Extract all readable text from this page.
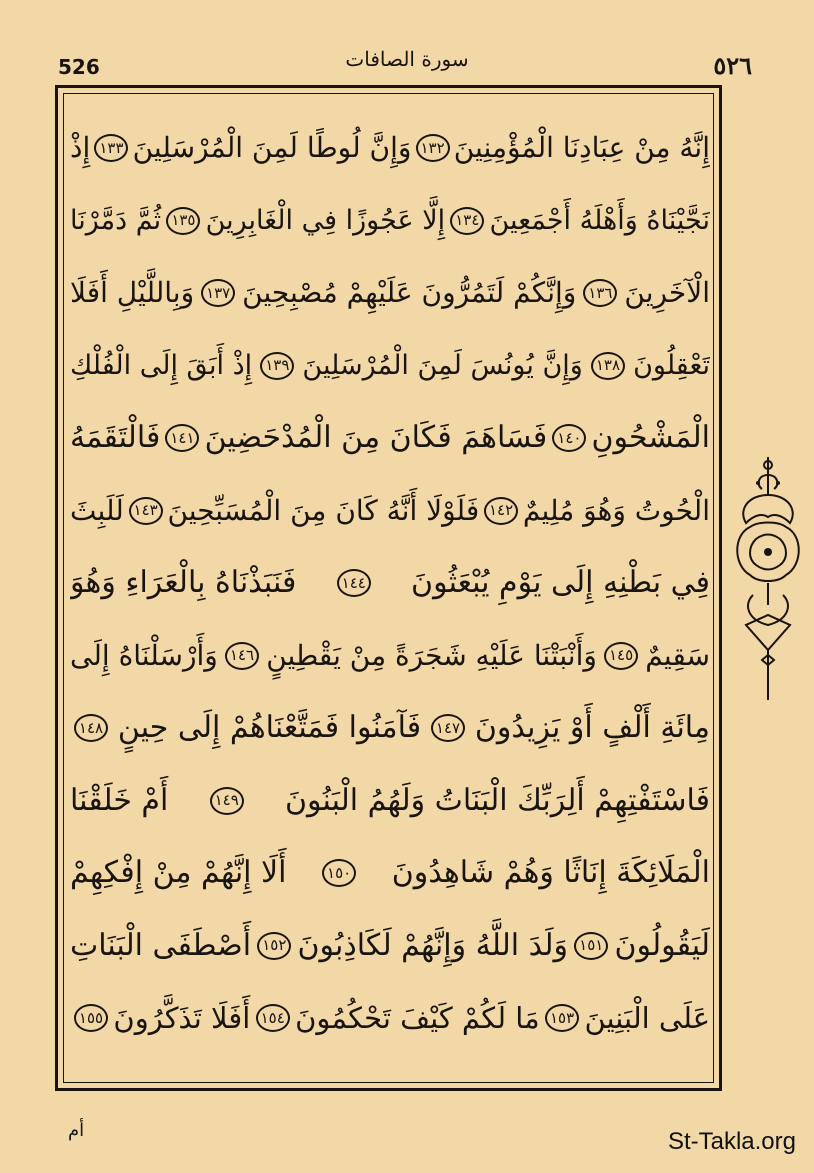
526	سورة الصافات	٥٢٦
إِنَّهُ مِنْ عِبَادِنَا الْمُؤْمِنِينَ
١٣٢
وَإِنَّ لُوطًا لَمِنَ الْمُرْسَلِينَ
١٣٣
إِذْ
نَجَّيْنَاهُ وَأَهْلَهُ أَجْمَعِينَ
١٣٤
إِلَّا عَجُوزًا فِي الْغَابِرِينَ
١٣٥
ثُمَّ دَمَّرْنَا
الْآخَرِينَ
١٣٦
وَإِنَّكُمْ لَتَمُرُّونَ عَلَيْهِمْ مُصْبِحِينَ
١٣٧
وَبِاللَّيْلِ أَفَلَا
تَعْقِلُونَ
١٣٨
وَإِنَّ يُونُسَ لَمِنَ الْمُرْسَلِينَ
١٣٩
إِذْ أَبَقَ إِلَى الْفُلْكِ
الْمَشْحُونِ
١٤٠
فَسَاهَمَ فَكَانَ مِنَ الْمُدْحَضِينَ
١٤١
فَالْتَقَمَهُ
الْحُوتُ وَهُوَ مُلِيمٌ
١٤٢
فَلَوْلَا أَنَّهُ كَانَ مِنَ الْمُسَبِّحِينَ
١٤٣
لَلَبِثَ
فِي بَطْنِهِ إِلَى يَوْمِ يُبْعَثُونَ
١٤٤
فَنَبَذْنَاهُ بِالْعَرَاءِ وَهُوَ
سَقِيمٌ
١٤٥
وَأَنْبَتْنَا عَلَيْهِ شَجَرَةً مِنْ يَقْطِينٍ
١٤٦
وَأَرْسَلْنَاهُ إِلَى
مِائَةِ أَلْفٍ أَوْ يَزِيدُونَ
١٤٧
فَآمَنُوا فَمَتَّعْنَاهُمْ إِلَى حِينٍ
١٤٨
فَاسْتَفْتِهِمْ أَلِرَبِّكَ الْبَنَاتُ وَلَهُمُ الْبَنُونَ
١٤٩
أَمْ خَلَقْنَا
الْمَلَائِكَةَ إِنَاثًا وَهُمْ شَاهِدُونَ
١٥٠
أَلَا إِنَّهُمْ مِنْ إِفْكِهِمْ
لَيَقُولُونَ
١٥١
وَلَدَ اللَّهُ وَإِنَّهُمْ لَكَاذِبُونَ
١٥٢
أَصْطَفَى الْبَنَاتِ
عَلَى الْبَنِينَ
١٥٣
مَا لَكُمْ كَيْفَ تَحْكُمُونَ
١٥٤
أَفَلَا تَذَكَّرُونَ
١٥٥
أم	St-Takla.org
